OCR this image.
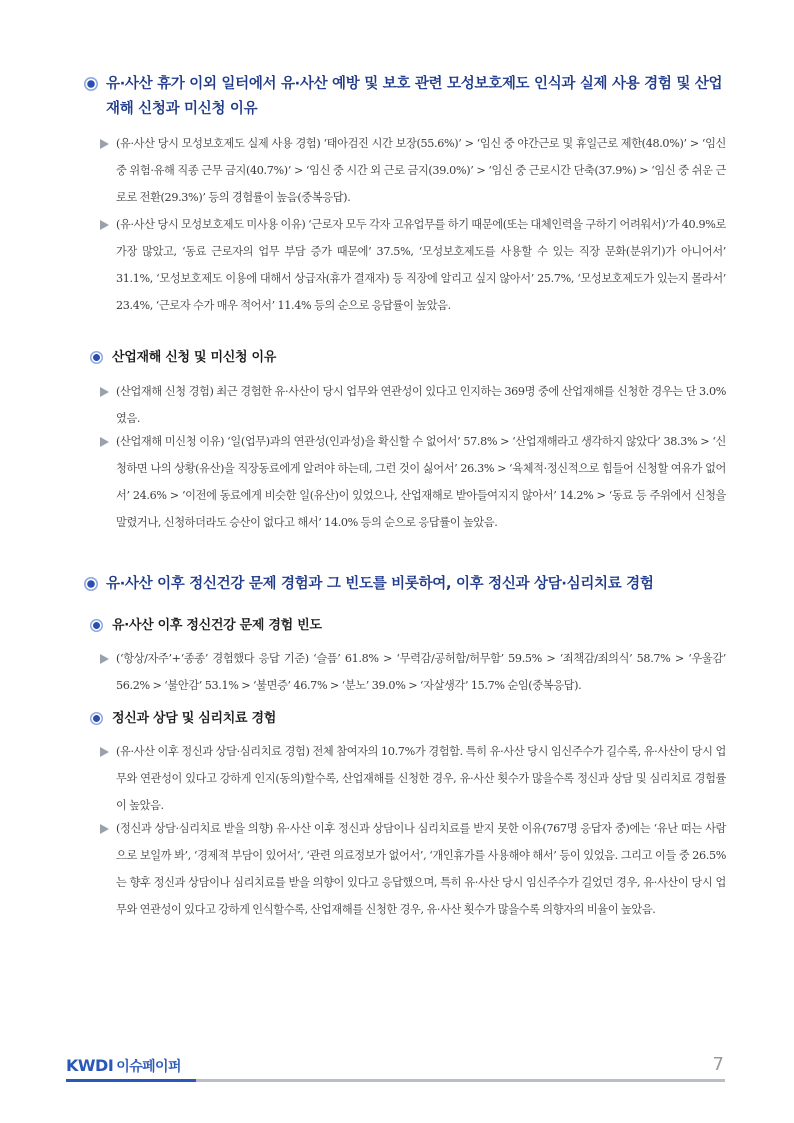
유·사산 휴가 이외 일터에서 유·사산 예방 및 보호 관련 모성보호제도 인식과 실제 사용 경험 및 산업재해 신청과 미신청 이유
(유·사산 당시 모성보호제도 실제 사용 경험) ‘태아검진 시간 보장(55.6%)’ > ‘임신 중 야간근로 및 휴일근로 제한(48.0%)’ > ‘임신 중 위험·유해 직종 근무 금지(40.7%)’ > ‘임신 중 시간 외 근로 금지(39.0%)’ > ‘임신 중 근로시간 단축(37.9%) > ‘임신 중 쉬운 근로로 전환(29.3%)’ 등의 경험률이 높음(중복응답).
(유·사산 당시 모성보호제도 미사용 이유) ‘근로자 모두 각자 고유업무를 하기 때문에(또는 대체인력을 구하기 어려워서)’가 40.9%로 가장 많았고, ‘동료 근로자의 업무 부담 증가 때문에’ 37.5%, ‘모성보호제도를 사용할 수 있는 직장 문화(분위기)가 아니어서’ 31.1%, ‘모성보호제도 이용에 대해서 상급자(휴가 결재자) 등 직장에 알리고 싶지 않아서’ 25.7%, ‘모성보호제도가 있는지 몰라서’ 23.4%, ‘근로자 수가 매우 적어서’ 11.4% 등의 순으로 응답률이 높았음.
산업재해 신청 및 미신청 이유
(산업재해 신청 경험) 최근 경험한 유·사산이 당시 업무와 연관성이 있다고 인지하는 369명 중에 산업재해를 신청한 경우는 단 3.0%였음.
(산업재해 미신청 이유) ‘일(업무)과의 연관성(인과성)을 확신할 수 없어서’ 57.8% > ‘산업재해라고 생각하지 않았다’ 38.3% > ‘신청하면 나의 상황(유산)을 직장동료에게 알려야 하는데, 그런 것이 싫어서’ 26.3% > ‘육체적·정신적으로 힘들어 신청할 여유가 없어서’ 24.6% > ‘이전에 동료에게 비슷한 일(유산)이 있었으나, 산업재해로 받아들여지지 않아서’ 14.2% > ‘동료 등 주위에서 신청을 말렸거나, 신청하더라도 승산이 없다고 해서’ 14.0% 등의 순으로 응답률이 높았음.
유·사산 이후 정신건강 문제 경험과 그 빈도를 비롯하여, 이후 정신과 상담·심리치료 경험
유·사산 이후 정신건강 문제 경험 빈도
(‘항상/자주’+‘종종’ 경험했다 응답 기준) ‘슬픔’ 61.8% > ‘무력감/공허함/허무함’ 59.5% > ‘죄책감/죄의식’ 58.7% > ‘우울감’ 56.2% > ‘불안감’ 53.1% > ‘불면증’ 46.7% > ‘분노’ 39.0% > ‘자살생각’ 15.7% 순임(중복응답).
정신과 상담 및 심리치료 경험
(유·사산 이후 정신과 상담·심리치료 경험) 전체 참여자의 10.7%가 경험함. 특히 유·사산 당시 임신주수가 길수록, 유·사산이 당시 업무와 연관성이 있다고 강하게 인지(동의)할수록, 산업재해를 신청한 경우, 유·사산 횟수가 많을수록 정신과 상담 및 심리치료 경험률이 높았음.
(정신과 상담·심리치료 받을 의향) 유·사산 이후 정신과 상담이나 심리치료를 받지 못한 이유(767명 응답자 중)에는 ‘유난 떠는 사람으로 보일까 봐’, ‘경제적 부담이 있어서’, ‘관련 의료정보가 없어서’, ‘개인휴가를 사용해야 해서’ 등이 있었음. 그리고 이들 중 26.5%는 향후 정신과 상담이나 심리치료를 받을 의향이 있다고 응답했으며, 특히 유·사산 당시 임신주수가 길었던 경우, 유·사산이 당시 업무와 연관성이 있다고 강하게 인식할수록, 산업재해를 신청한 경우, 유·사산 횟수가 많을수록 의향자의 비율이 높았음.
KWDI 이슈페이퍼	7
